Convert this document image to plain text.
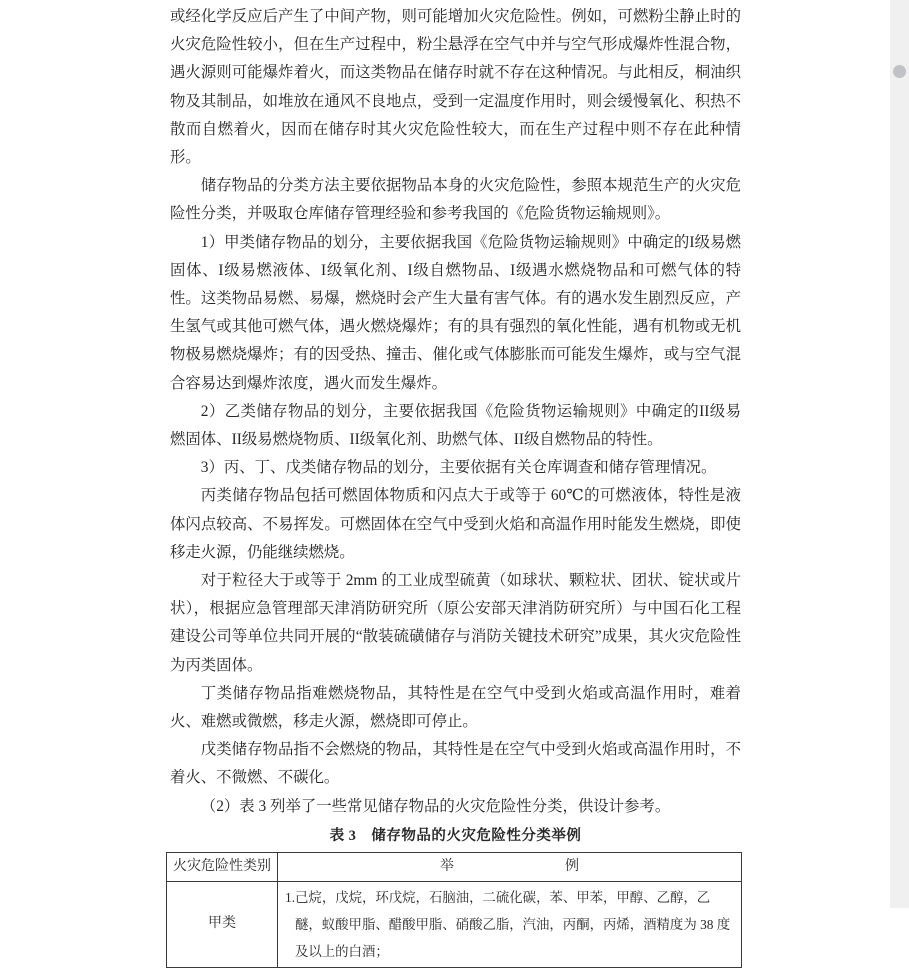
或经化学反应后产生了中间产物，则可能增加火灾危险性。例如，可燃粉尘静止时的火灾危险性较小，但在生产过程中，粉尘悬浮在空气中并与空气形成爆炸性混合物，遇火源则可能爆炸着火，而这类物品在储存时就不存在这种情况。与此相反，桐油织物及其制品，如堆放在通风不良地点，受到一定温度作用时，则会缓慢氧化、积热不散而自燃着火，因而在储存时其火灾危险性较大，而在生产过程中则不存在此种情形。

储存物品的分类方法主要依据物品本身的火灾危险性，参照本规范生产的火灾危险性分类，并吸取仓库储存管理经验和参考我国的《危险货物运输规则》。

1）甲类储存物品的划分，主要依据我国《危险货物运输规则》中确定的I级易燃固体、I级易燃液体、I级氧化剂、I级自燃物品、I级遇水燃烧物品和可燃气体的特性。这类物品易燃、易爆，燃烧时会产生大量有害气体。有的遇水发生剧烈反应，产生氢气或其他可燃气体，遇火燃烧爆炸；有的具有强烈的氧化性能，遇有机物或无机物极易燃烧爆炸；有的因受热、撞击、催化或气体膨胀而可能发生爆炸，或与空气混合容易达到爆炸浓度，遇火而发生爆炸。

2）乙类储存物品的划分，主要依据我国《危险货物运输规则》中确定的II级易燃固体、II级易燃烧物质、II级氧化剂、助燃气体、II级自燃物品的特性。

3）丙、丁、戊类储存物品的划分，主要依据有关仓库调查和储存管理情况。

丙类储存物品包括可燃固体物质和闪点大于或等于 60℃的可燃液体，特性是液体闪点较高、不易挥发。可燃固体在空气中受到火焰和高温作用时能发生燃烧，即使移走火源，仍能继续燃烧。

对于粒径大于或等于 2mm 的工业成型硫黄（如球状、颗粒状、团状、锭状或片状），根据应急管理部天津消防研究所（原公安部天津消防研究所）与中国石化工程建设公司等单位共同开展的“散装硫磺储存与消防关键技术研究”成果，其火灾危险性为丙类固体。

丁类储存物品指难燃烧物品，其特性是在空气中受到火焰或高温作用时，难着火、难燃或微燃，移走火源，燃烧即可停止。

戊类储存物品指不会燃烧的物品，其特性是在空气中受到火焰或高温作用时，不着火、不微燃、不碳化。

（2）表 3 列举了一些常见储存物品的火灾危险性分类，供设计参考。

表 3　储存物品的火灾危险性分类举例
火灾危险性类别	举 例

甲类	1.己烷，戊烷，环戊烷，石脑油，二硫化碳，苯、甲苯，甲醇、乙醇，乙醚，蚁酸甲脂、醋酸甲脂、硝酸乙脂，汽油，丙酮，丙烯，酒精度为 38 度及以上的白酒；
